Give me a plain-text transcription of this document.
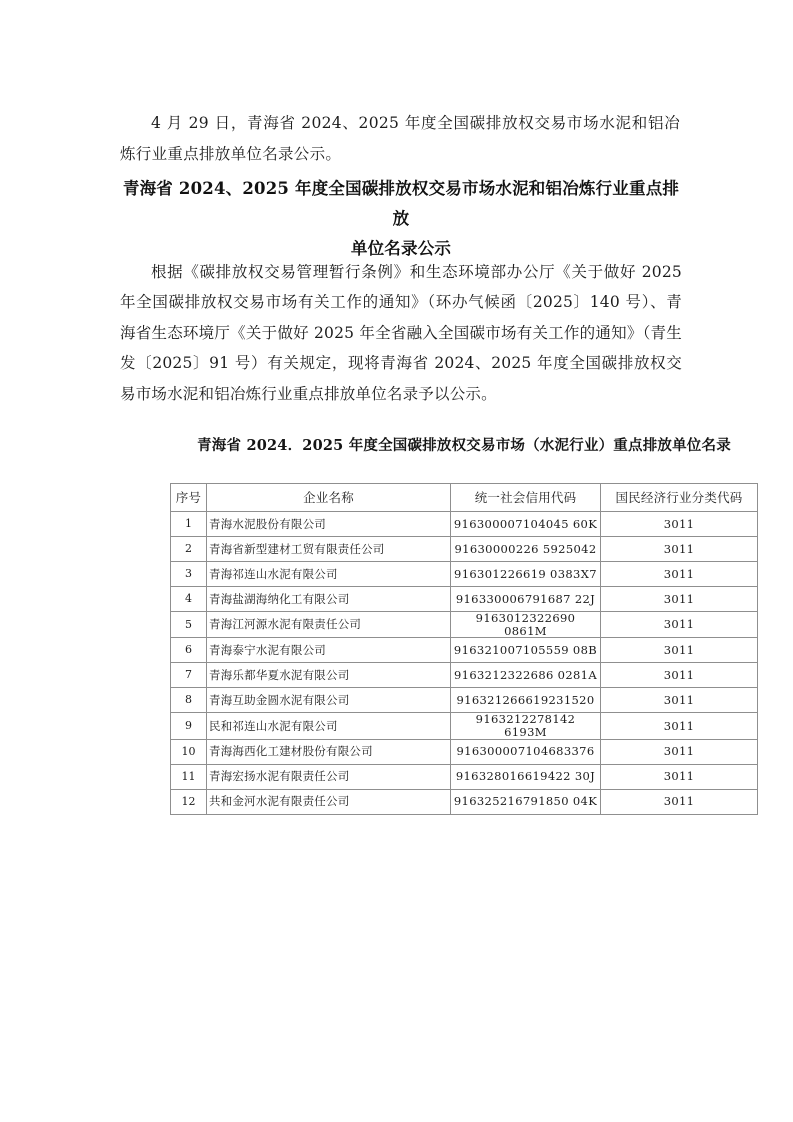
4 月 29 日，青海省 2024、2025 年度全国碳排放权交易市场水泥和铝冶炼行业重点排放单位名录公示。

青海省 2024、2025 年度全国碳排放权交易市场水泥和铝冶炼行业重点排放
单位名录公示

根据《碳排放权交易管理暂行条例》和生态环境部办公厅《关于做好 2025 年全国碳排放权交易市场有关工作的通知》（环办气候函〔2025〕140 号）、青海省生态环境厅《关于做好 2025 年全省融入全国碳市场有关工作的通知》（青生发〔2025〕91 号）有关规定，现将青海省 2024、2025 年度全国碳排放权交易市场水泥和铝冶炼行业重点排放单位名录予以公示。

青海省 2024．2025 年度全国碳排放权交易市场（水泥行业）重点排放单位名录
序号	企业名称	统一社会信用代码	国民经济行业分类代码
1	青海水泥股份有限公司	916300007104045 60K	3011
2	青海省新型建材工贸有限责任公司	91630000226 5925042	3011
3	青海祁连山水泥有限公司	916301226619 0383X7	3011
4	青海盐湖海纳化工有限公司	916330006791687 22J	3011
5	青海江河源水泥有限责任公司	9163012322690 0861M	3011
6	青海泰宁水泥有限公司	916321007105559 08B	3011
7	青海乐都华夏水泥有限公司	9163212322686 0281A	3011
8	青海互助金圆水泥有限公司	916321266619231520	3011
9	民和祁连山水泥有限公司	9163212278142 6193M	3011
10	青海海西化工建材股份有限公司	916300007104683376	3011
11	青海宏扬水泥有限责任公司	916328016619422 30J	3011
12	共和金河水泥有限责任公司	916325216791850 04K	3011
